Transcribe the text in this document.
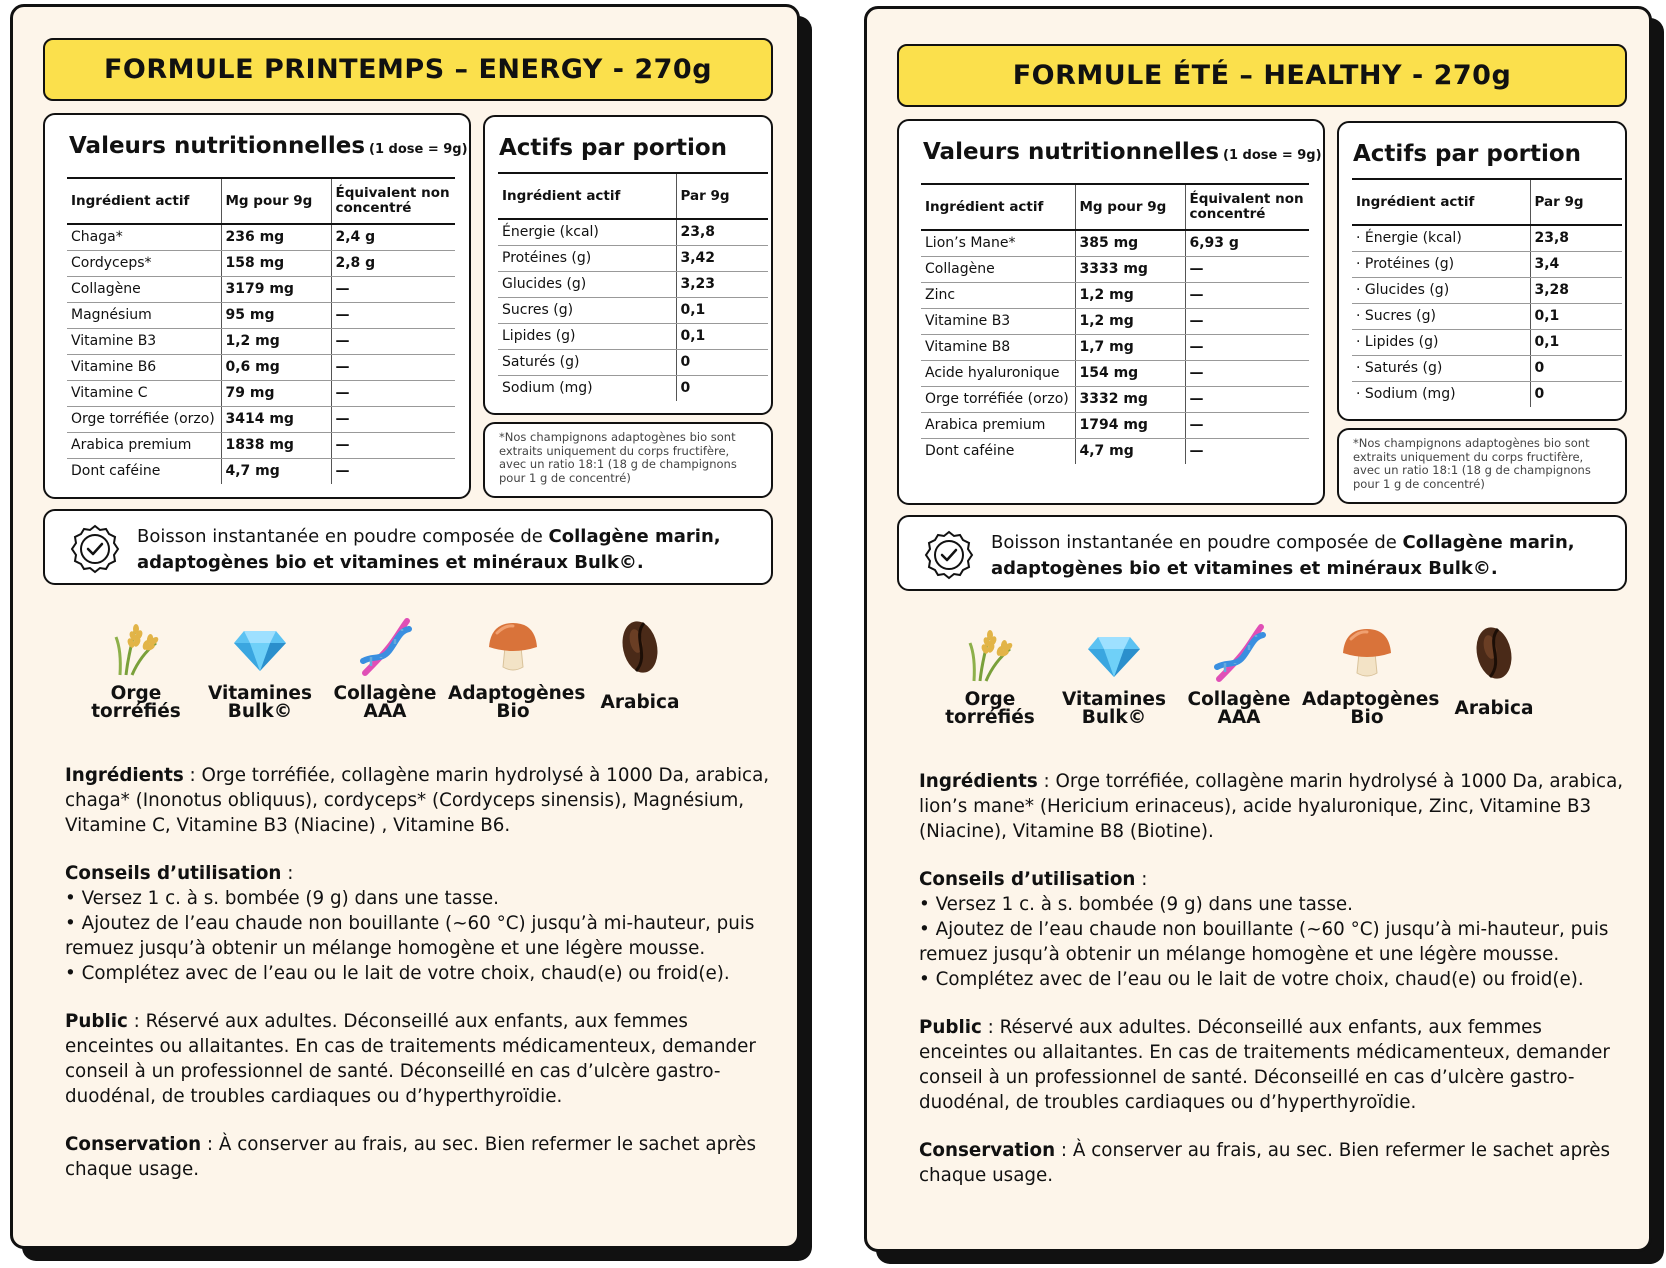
FORMULE PRINTEMPS – ENERGY - 270g
Valeurs nutritionnelles (1 dose = 9g)
Ingrédient actif	Mg pour 9g	Équivalent non concentré
Chaga*	236 mg	2,4 g
Cordyceps*	158 mg	2,8 g
Collagène	3179 mg	—
Magnésium	95 mg	—
Vitamine B3	1,2 mg	—
Vitamine B6	0,6 mg	—
Vitamine C	79 mg	—
Orge torréfiée (orzo)	3414 mg	—
Arabica premium	1838 mg	—
Dont caféine	4,7 mg	—
Actifs par portion
Ingrédient actif	Par 9g
Énergie (kcal)	23,8
Protéines (g)	3,42
Glucides (g)	3,23
Sucres (g)	0,1
Lipides (g)	0,1
Saturés (g)	0
Sodium (mg)	0
*Nos champignons adaptogènes bio sont extraits uniquement du corps fructifère, avec un ratio 18:1 (18 g de champignons pour 1 g de concentré)
Boisson instantanée en poudre composée de Collagène marin, adaptogènes bio et vitamines et minéraux Bulk©.
Orge
torréfiés
Vitamines
Bulk©
Collagène
AAA
Adaptogènes
Bio	Arabica

Ingrédients : Orge torréfiée, collagène marin hydrolysé à 1000 Da, arabica, chaga* (Inonotus obliquus), cordyceps* (Cordyceps sinensis), Magnésium, Vitamine C, Vitamine B3 (Niacine) , Vitamine B6.

Conseils d’utilisation :
• Versez 1 c. à s. bombée (9 g) dans une tasse.
• Ajoutez de l’eau chaude non bouillante (~60 °C) jusqu’à mi-hauteur, puis remuez jusqu’à obtenir un mélange homogène et une légère mousse.
• Complétez avec de l’eau ou le lait de votre choix, chaud(e) ou froid(e).

Public : Réservé aux adultes. Déconseillé aux enfants, aux femmes enceintes ou allaitantes. En cas de traitements médicamenteux, demander conseil à un professionnel de santé. Déconseillé en cas d’ulcère gastro-duodénal, de troubles cardiaques ou d’hyperthyroïdie.

Conservation : À conserver au frais, au sec. Bien refermer le sachet après chaque usage.

FORMULE ÉTÉ – HEALTHY - 270g
Valeurs nutritionnelles (1 dose = 9g)
Ingrédient actif	Mg pour 9g	Équivalent non concentré
Lion’s Mane*	385 mg	6,93 g
Collagène	3333 mg	—
Zinc	1,2 mg	—
Vitamine B3	1,2 mg	—
Vitamine B8	1,7 mg	—
Acide hyaluronique	154 mg	—
Orge torréfiée (orzo)	3332 mg	—
Arabica premium	1794 mg	—
Dont caféine	4,7 mg	—
Actifs par portion
Ingrédient actif	Par 9g
· Énergie (kcal)	23,8
· Protéines (g)	3,4
· Glucides (g)	3,28
· Sucres (g)	0,1
· Lipides (g)	0,1
· Saturés (g)	0
· Sodium (mg)	0
*Nos champignons adaptogènes bio sont extraits uniquement du corps fructifère, avec un ratio 18:1 (18 g de champignons pour 1 g de concentré)
Boisson instantanée en poudre composée de Collagène marin, adaptogènes bio et vitamines et minéraux Bulk©.
Orge
torréfiés
Vitamines
Bulk©
Collagène
AAA
Adaptogènes
Bio	Arabica

Ingrédients : Orge torréfiée, collagène marin hydrolysé à 1000 Da, arabica, lion’s mane* (Hericium erinaceus), acide hyaluronique, Zinc, Vitamine B3 (Niacine), Vitamine B8 (Biotine).

Conseils d’utilisation :
• Versez 1 c. à s. bombée (9 g) dans une tasse.
• Ajoutez de l’eau chaude non bouillante (~60 °C) jusqu’à mi-hauteur, puis remuez jusqu’à obtenir un mélange homogène et une légère mousse.
• Complétez avec de l’eau ou le lait de votre choix, chaud(e) ou froid(e).

Public : Réservé aux adultes. Déconseillé aux enfants, aux femmes enceintes ou allaitantes. En cas de traitements médicamenteux, demander conseil à un professionnel de santé. Déconseillé en cas d’ulcère gastro-duodénal, de troubles cardiaques ou d’hyperthyroïdie.

Conservation : À conserver au frais, au sec. Bien refermer le sachet après chaque usage.
